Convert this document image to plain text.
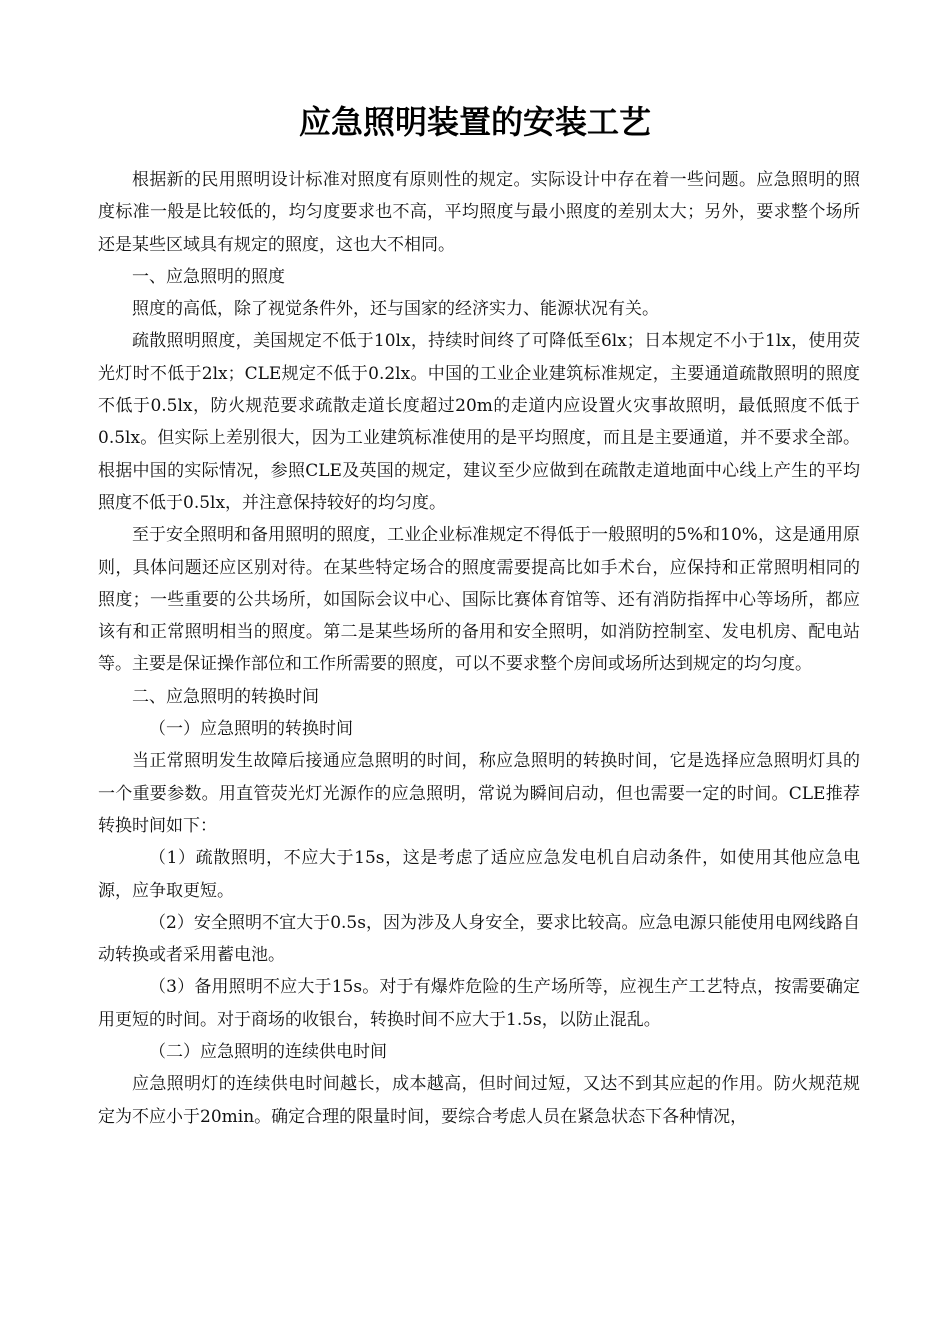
应急照明装置的安装工艺

根据新的民用照明设计标准对照度有原则性的规定。实际设计中存在着一些问题。应急照明的照度标准一般是比较低的，均匀度要求也不高，平均照度与最小照度的差别太大；另外，要求整个场所还是某些区域具有规定的照度，这也大不相同。

一、应急照明的照度

照度的高低，除了视觉条件外，还与国家的经济实力、能源状况有关。

疏散照明照度，美国规定不低于10lx，持续时间终了可降低至6lx；日本规定不小于1lx，使用荧光灯时不低于2lx；CLE规定不低于0.2lx。中国的工业企业建筑标准规定，主要通道疏散照明的照度不低于0.5lx，防火规范要求疏散走道长度超过20m的走道内应设置火灾事故照明，最低照度不低于0.5lx。但实际上差别很大，因为工业建筑标准使用的是平均照度，而且是主要通道，并不要求全部。根据中国的实际情况，参照CLE及英国的规定，建议至少应做到在疏散走道地面中心线上产生的平均照度不低于0.5lx，并注意保持较好的均匀度。

至于安全照明和备用照明的照度，工业企业标准规定不得低于一般照明的5%和10%，这是通用原则，具体问题还应区别对待。在某些特定场合的照度需要提高比如手术台，应保持和正常照明相同的照度；一些重要的公共场所，如国际会议中心、国际比赛体育馆等、还有消防指挥中心等场所，都应该有和正常照明相当的照度。第二是某些场所的备用和安全照明，如消防控制室、发电机房、配电站等。主要是保证操作部位和工作所需要的照度，可以不要求整个房间或场所达到规定的均匀度。

二、应急照明的转换时间

（一）应急照明的转换时间

当正常照明发生故障后接通应急照明的时间，称应急照明的转换时间，它是选择应急照明灯具的一个重要参数。用直管荧光灯光源作的应急照明，常说为瞬间启动，但也需要一定的时间。CLE推荐转换时间如下：

（1）疏散照明，不应大于15s，这是考虑了适应应急发电机自启动条件，如使用其他应急电源，应争取更短。

（2）安全照明不宜大于0.5s，因为涉及人身安全，要求比较高。应急电源只能使用电网线路自动转换或者采用蓄电池。

（3）备用照明不应大于15s。对于有爆炸危险的生产场所等，应视生产工艺特点，按需要确定用更短的时间。对于商场的收银台，转换时间不应大于1.5s，以防止混乱。

（二）应急照明的连续供电时间

应急照明灯的连续供电时间越长，成本越高，但时间过短，又达不到其应起的作用。防火规范规定为不应小于20min。确定合理的限量时间，要综合考虑人员在紧急状态下各种情况，
